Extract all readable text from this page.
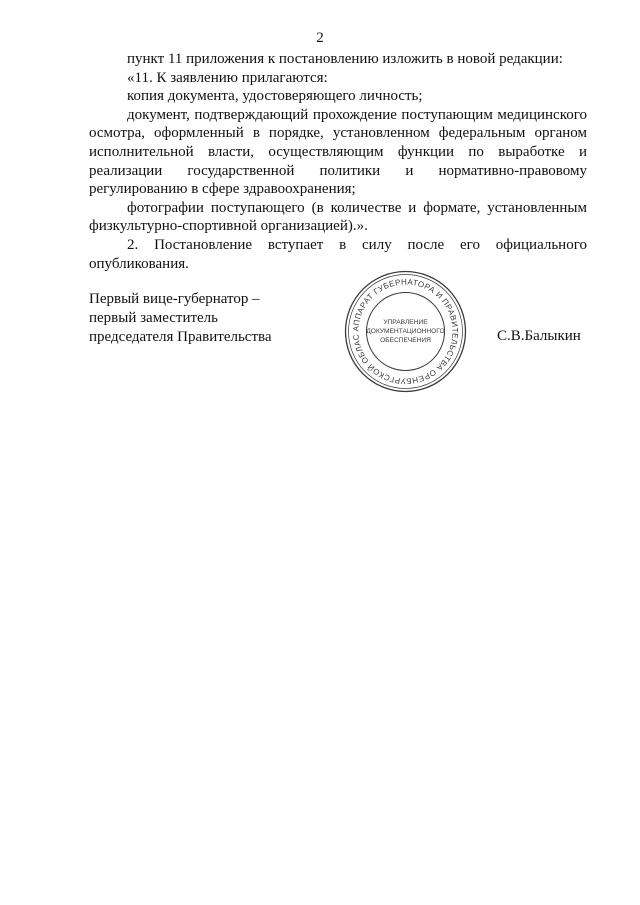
2

пункт 11 приложения к постановлению изложить в новой редакции:

«11. К заявлению прилагаются:

копия документа, удостоверяющего личность;

документ, подтверждающий прохождение поступающим медицинского осмотра, оформленный в порядке, установленном федеральным органом исполнительной власти, осуществляющим функции по выработке и реализации государственной политики и нормативно-правовому регулированию в сфере здравоохранения;

фотографии поступающего (в количестве и формате, установленным физкультурно-спортивной организацией).».

2. Постановление вступает в силу после его официального опубликования.

Первый вице-губернатор –
первый заместитель
председателя Правительства	С.В.Балыкин
АППАРАТ ГУБЕРНАТОРА И ПРАВИТЕЛЬСТВА ОРЕНБУРГСКОЙ ОБЛАС
УПРАВЛЕНИЕ
ДОКУМЕНТАЦИОННОГО
ОБЕСПЕЧЕНИЯ
